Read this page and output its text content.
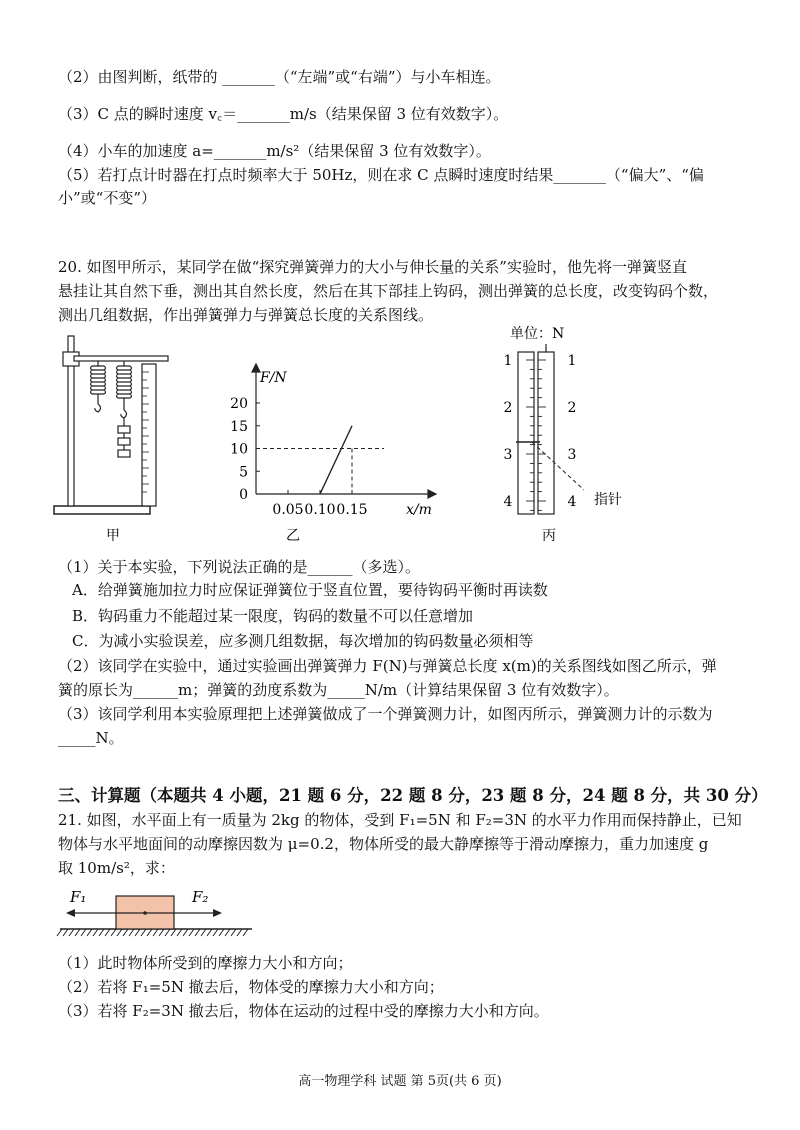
（2）由图判断，纸带的 _______（“左端”或“右端”）与小车相连。
（3）C 点的瞬时速度 v꜀＝_______m/s（结果保留 3 位有效数字）。
（4）小车的加速度 a=_______m/s²（结果保留 3 位有效数字）。
（5）若打点计时器在打点时频率大于 50Hz，则在求 C 点瞬时速度时结果_______（“偏大”、“偏
小”或“不变”）
20. 如图甲所示，某同学在做“探究弹簧弹力的大小与伸长量的关系”实验时，他先将一弹簧竖直
悬挂让其自然下垂，测出其自然长度，然后在其下部挂上钩码，测出弹簧的总长度，改变钩码个数，
测出几组数据，作出弹簧弹力与弹簧总长度的关系图线。
甲
0
5
10
15
20
0.05 0.10 0.15
F/N
x/m
乙
单位：N
1
2
3
4
1
2
3
4 指针
丙
（1）关于本实验，下列说法正确的是______（多选）。
A．给弹簧施加拉力时应保证弹簧位于竖直位置，要待钩码平衡时再读数
B．钩码重力不能超过某一限度，钩码的数量不可以任意增加
C．为减小实验误差，应多测几组数据，每次增加的钩码数量必须相等
（2）该同学在实验中，通过实验画出弹簧弹力 F(N)与弹簧总长度 x(m)的关系图线如图乙所示，弹
簧的原长为______m；弹簧的劲度系数为_____N/m（计算结果保留 3 位有效数字）。
（3）该同学利用本实验原理把上述弹簧做成了一个弹簧测力计，如图丙所示，弹簧测力计的示数为
_____N。
三、计算题（本题共 4 小题，21 题 6 分，22 题 8 分，23 题 8 分，24 题 8 分，共 30 分）
21. 如图，水平面上有一质量为 2kg 的物体，受到 F₁=5N 和 F₂=3N 的水平力作用而保持静止，已知
物体与水平地面间的动摩擦因数为 μ=0.2，物体所受的最大静摩擦等于滑动摩擦力，重力加速度 g
取 10m/s²，求：
F₁	F₂
（1）此时物体所受到的摩擦力大小和方向；
（2）若将 F₁=5N 撤去后，物体受的摩擦力大小和方向；
（3）若将 F₂=3N 撤去后，物体在运动的过程中受的摩擦力大小和方向。
高一物理学科 试题 第 5页(共 6 页)
